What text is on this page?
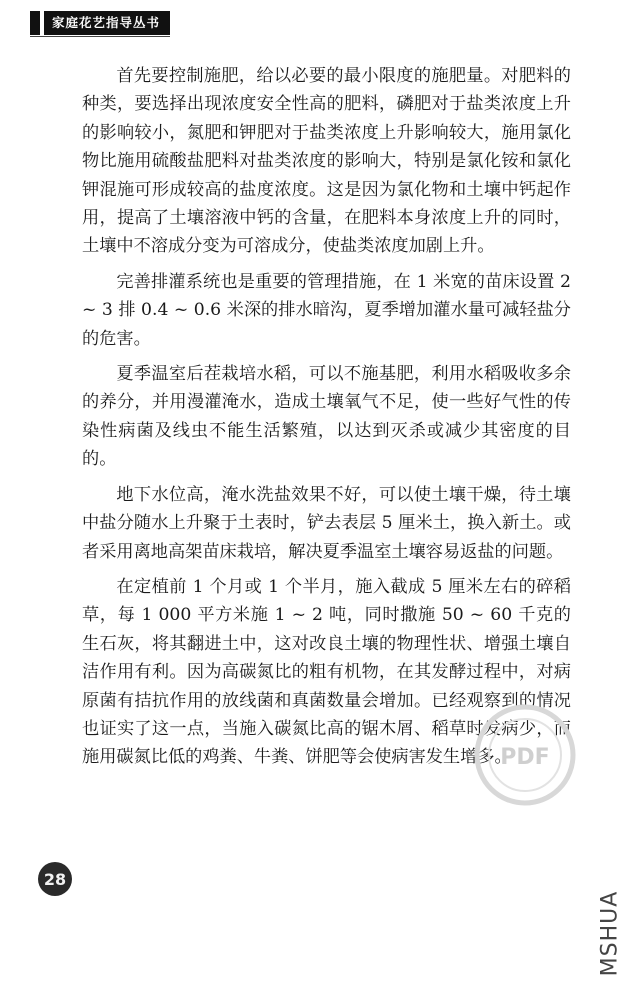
家庭花艺指导丛书

首先要控制施肥，给以必要的最小限度的施肥量。对肥料的种类，要选择出现浓度安全性高的肥料，磷肥对于盐类浓度上升的影响较小，氮肥和钾肥对于盐类浓度上升影响较大，施用氯化物比施用硫酸盐肥料对盐类浓度的影响大，特别是氯化铵和氯化钾混施可形成较高的盐度浓度。这是因为氯化物和土壤中钙起作用，提高了土壤溶液中钙的含量，在肥料本身浓度上升的同时，土壤中不溶成分变为可溶成分，使盐类浓度加剧上升。

完善排灌系统也是重要的管理措施，在 1 米宽的苗床设置 2 ~ 3 排 0.4 ~ 0.6 米深的排水暗沟，夏季增加灌水量可减轻盐分的危害。

夏季温室后茬栽培水稻，可以不施基肥，利用水稻吸收多余的养分，并用漫灌淹水，造成土壤氧气不足，使一些好气性的传染性病菌及线虫不能生活繁殖，以达到灭杀或减少其密度的目的。

地下水位高，淹水洗盐效果不好，可以使土壤干燥，待土壤中盐分随水上升聚于土表时，铲去表层 5 厘米土，换入新土。或者采用离地高架苗床栽培，解决夏季温室土壤容易返盐的问题。

在定植前 1 个月或 1 个半月，施入截成 5 厘米左右的碎稻草，每 1 000 平方米施 1 ~ 2 吨，同时撒施 50 ~ 60 千克的生石灰，将其翻进土中，这对改良土壤的物理性状、增强土壤自洁作用有利。因为高碳氮比的粗有机物，在其发酵过程中，对病原菌有拮抗作用的放线菌和真菌数量会增加。已经观察到的情况也证实了这一点，当施入碳氮比高的锯木屑、稻草时发病少，而施用碳氮比低的鸡粪、牛粪、饼肥等会使病害发生增多。

PDF
28
MSHUA
